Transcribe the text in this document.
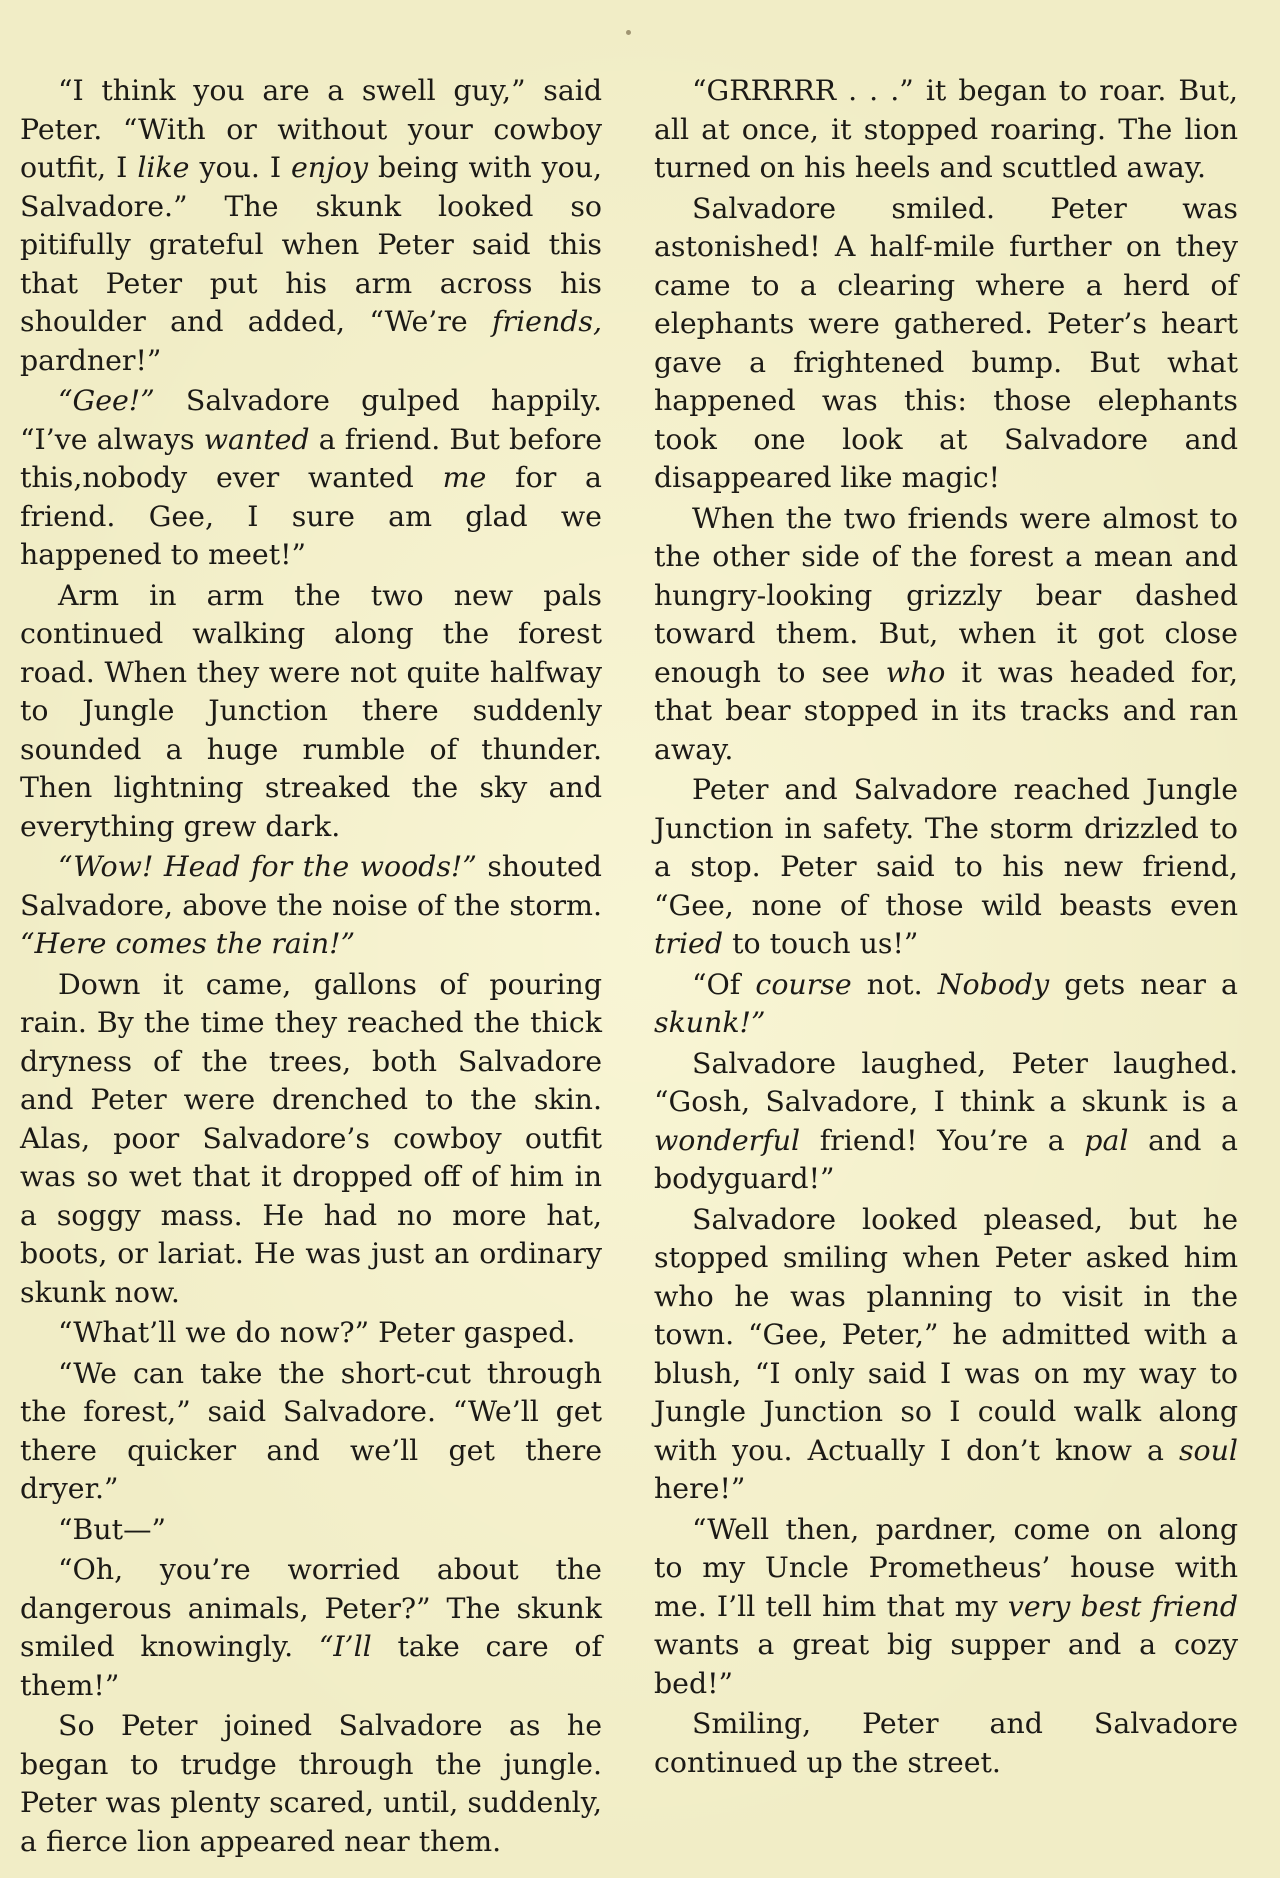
“I think you are a swell guy,” said Peter. “With or without your cowboy outfit, I like you. I enjoy being with you, Salvadore.” The skunk looked so pitifully grateful when Peter said this that Peter put his arm across his shoulder and added, “We’re friends, pardner!”

“Gee!” Salvadore gulped happily. “I’ve always wanted a friend. But before this,nobody ever wanted me for a friend. Gee, I sure am glad we happened to meet!”

Arm in arm the two new pals continued walking along the forest road. When they were not quite halfway to Jungle Junction there suddenly sounded a huge rumble of thunder. Then lightning streaked the sky and everything grew dark.

“Wow! Head for the woods!” shouted Salvadore, above the noise of the storm. “Here comes the rain!”

Down it came, gallons of pouring rain. By the time they reached the thick dryness of the trees, both Salvadore and Peter were drenched to the skin. Alas, poor Salvadore’s cowboy outfit was so wet that it dropped off of him in a soggy mass. He had no more hat, boots, or lariat. He was just an ordinary skunk now.

“What’ll we do now?” Peter gasped.

“We can take the short-cut through the forest,” said Salvadore. “We’ll get there quicker and we’ll get there dryer.”

“But—”

“Oh, you’re worried about the dangerous animals, Peter?” The skunk smiled knowingly. “I’ll take care of them!”

So Peter joined Salvadore as he began to trudge through the jungle. Peter was plenty scared, until, suddenly, a fierce lion appeared near them.

“GRRRRR . . .” it began to roar. But, all at once, it stopped roaring. The lion turned on his heels and scuttled away.

Salvadore smiled. Peter was astonished! A half-mile further on they came to a clearing where a herd of elephants were gathered. Peter’s heart gave a frightened bump. But what happened was this: those elephants took one look at Salvadore and disappeared like magic!

When the two friends were almost to the other side of the forest a mean and hungry-looking grizzly bear dashed toward them. But, when it got close enough to see who it was headed for, that bear stopped in its tracks and ran away.

Peter and Salvadore reached Jungle Junction in safety. The storm drizzled to a stop. Peter said to his new friend, “Gee, none of those wild beasts even tried to touch us!”

“Of course not. Nobody gets near a skunk!”

Salvadore laughed, Peter laughed. “Gosh, Salvadore, I think a skunk is a wonderful friend! You’re a pal and a bodyguard!”

Salvadore looked pleased, but he stopped smiling when Peter asked him who he was planning to visit in the town. “Gee, Peter,” he admitted with a blush, “I only said I was on my way to Jungle Junction so I could walk along with you. Actually I don’t know a soul here!”

“Well then, pardner, come on along to my Uncle Prometheus’ house with me. I’ll tell him that my very best friend wants a great big supper and a cozy bed!”

Smiling, Peter and Salvadore continued up the street.
